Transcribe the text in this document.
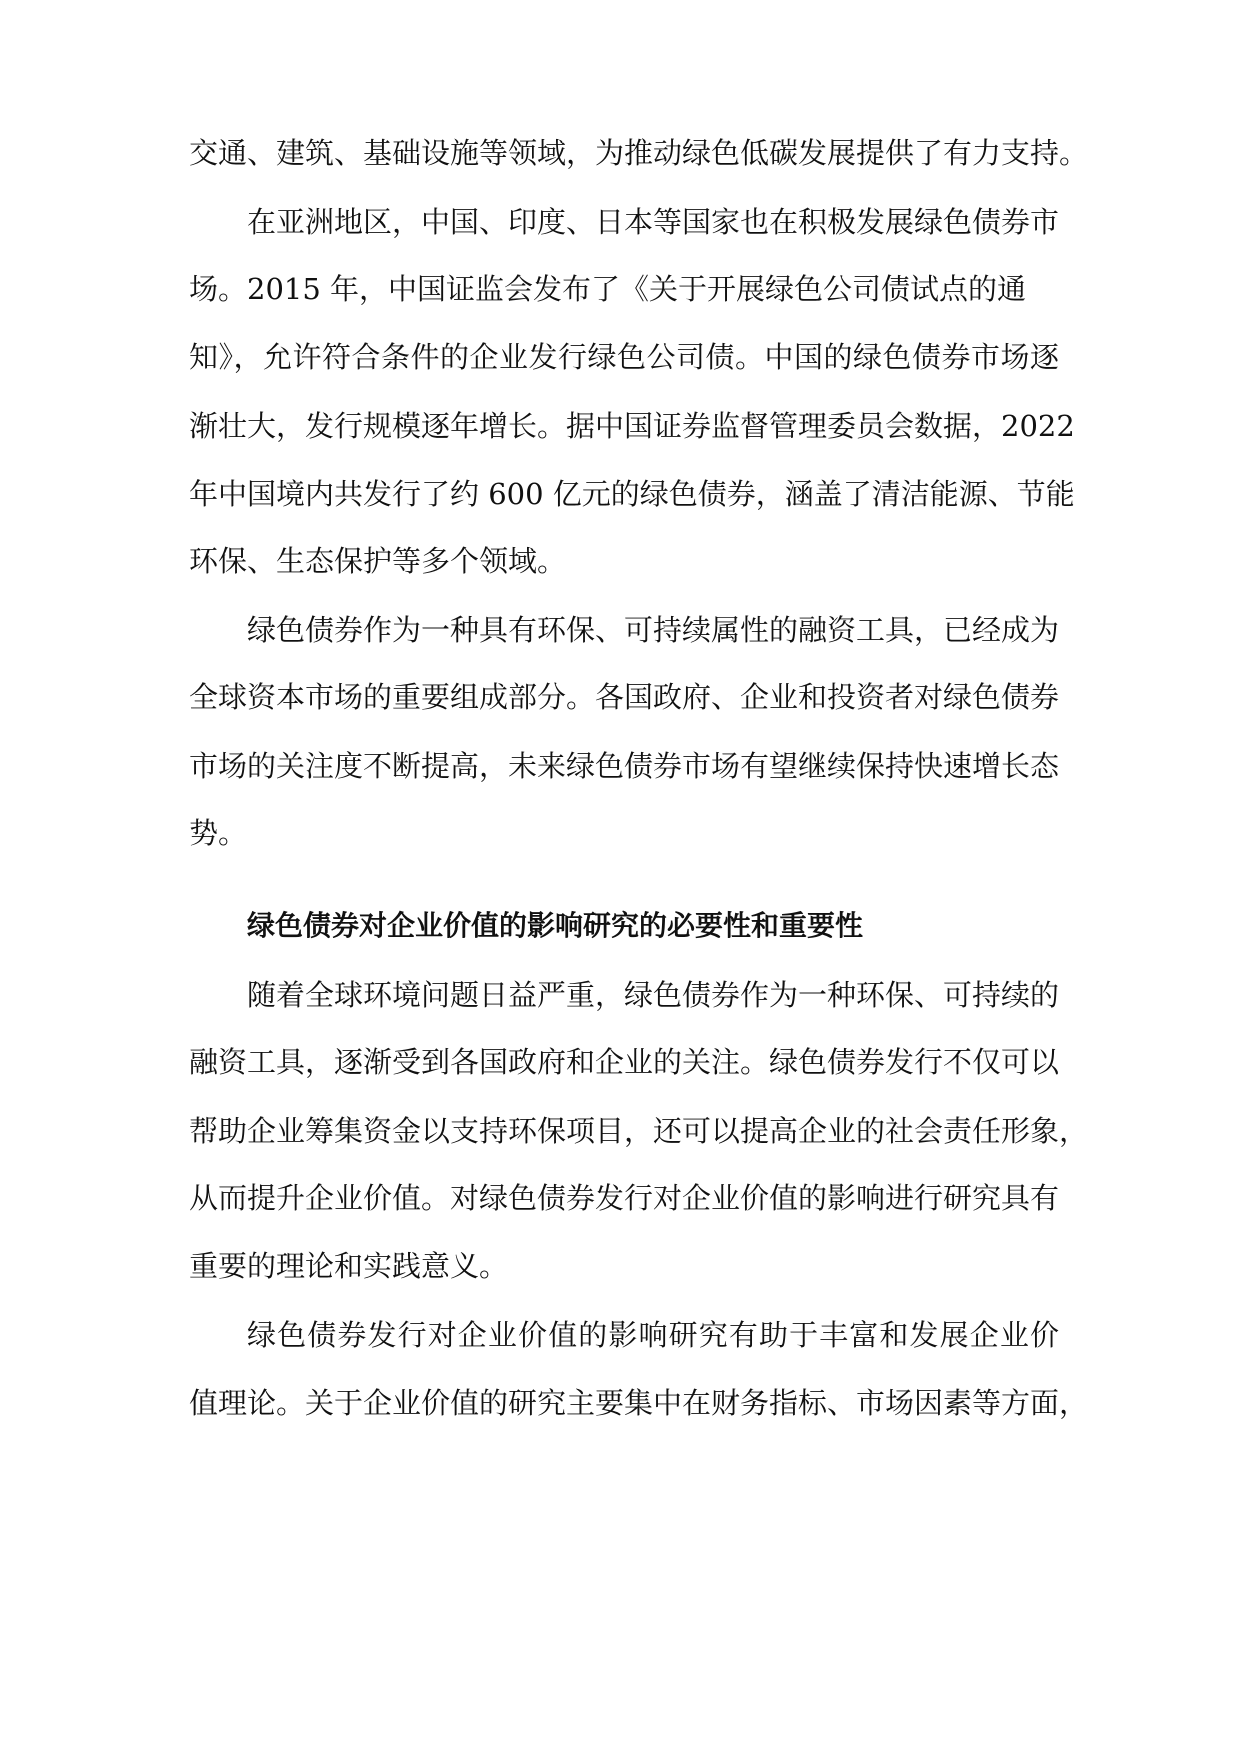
交通、建筑、基础设施等领域，为推动绿色低碳发展提供了有力支持。
在亚洲地区，中国、印度、日本等国家也在积极发展绿色债券市
场。2015 年，中国证监会发布了《关于开展绿色公司债试点的通
知》，允许符合条件的企业发行绿色公司债。中国的绿色债券市场逐
渐壮大，发行规模逐年增长。据中国证券监督管理委员会数据，2022
年中国境内共发行了约 600 亿元的绿色债券，涵盖了清洁能源、节能
环保、生态保护等多个领域。
绿色债券作为一种具有环保、可持续属性的融资工具，已经成为
全球资本市场的重要组成部分。各国政府、企业和投资者对绿色债券
市场的关注度不断提高，未来绿色债券市场有望继续保持快速增长态
势。
绿色债券对企业价值的影响研究的必要性和重要性
随着全球环境问题日益严重，绿色债券作为一种环保、可持续的
融资工具，逐渐受到各国政府和企业的关注。绿色债券发行不仅可以
帮助企业筹集资金以支持环保项目，还可以提高企业的社会责任形象，
从而提升企业价值。对绿色债券发行对企业价值的影响进行研究具有
重要的理论和实践意义。
绿色债券发行对企业价值的影响研究有助于丰富和发展企业价
值理论。关于企业价值的研究主要集中在财务指标、市场因素等方面，
